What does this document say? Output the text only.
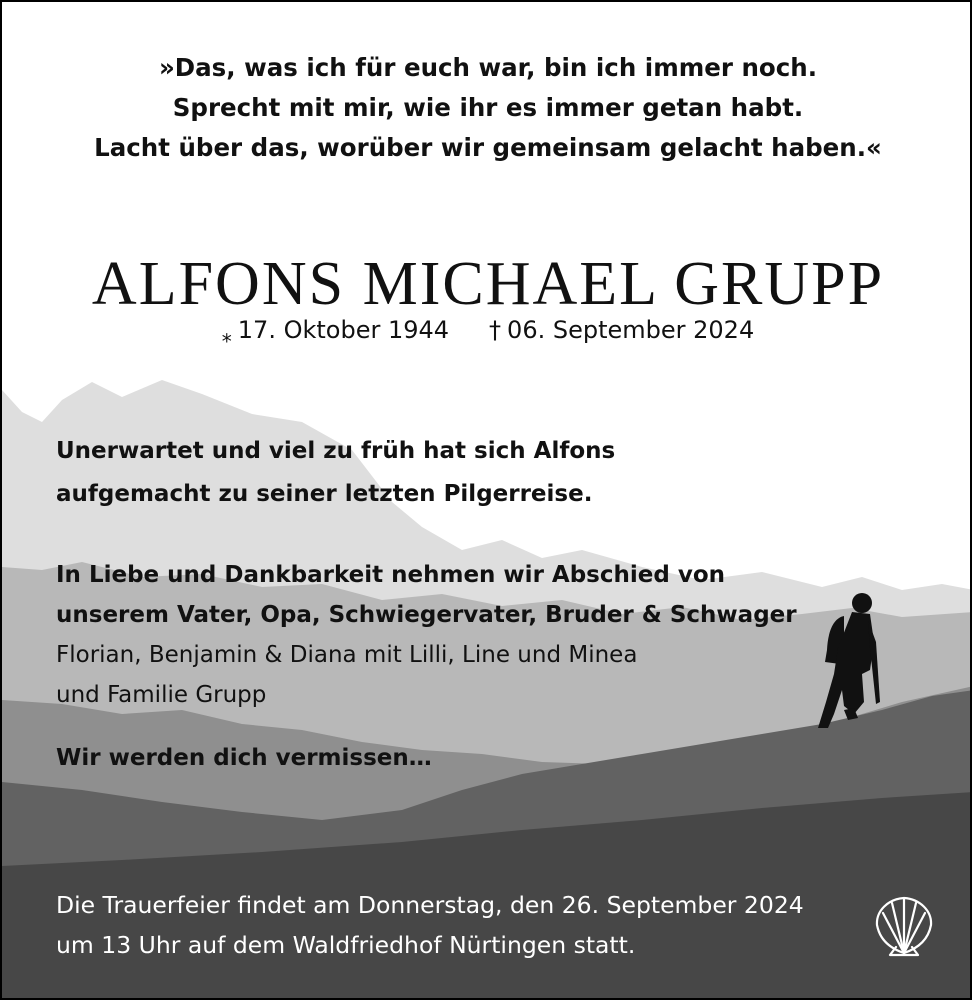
»Das, was ich für euch war, bin ich immer noch.
Sprecht mit mir, wie ihr es immer getan habt.
Lacht über das, worüber wir gemeinsam gelacht haben.«
ALFONS MICHAEL GRUPP
⁎ 17. Oktober 1944 † 06. September 2024
Unerwartet und viel zu früh hat sich Alfons
aufgemacht zu seiner letzten Pilgerreise.
In Liebe und Dankbarkeit nehmen wir Abschied von
unserem Vater, Opa, Schwiegervater, Bruder & Schwager
Florian, Benjamin & Diana mit Lilli, Line und Minea
und Familie Grupp
Wir werden dich vermissen…
Die Trauerfeier findet am Donnerstag, den 26. September 2024
um 13 Uhr auf dem Waldfriedhof Nürtingen statt.
